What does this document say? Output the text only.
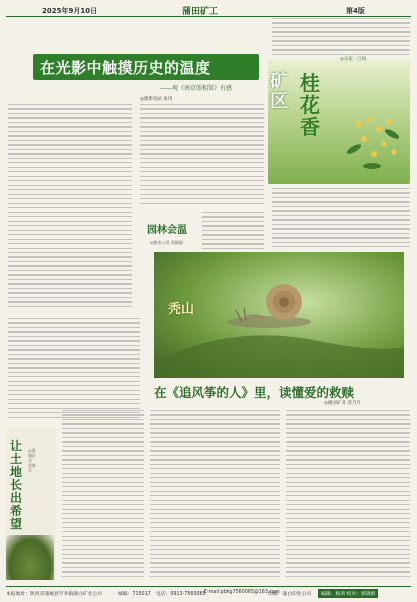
2025年9月10日	蒲田矿工	第4版
在光影中触摸历史的温度
——观《南京照相馆》有感
◎建新电站 朱诗
园林会温
◎热水公司 刘丽丽
矿区
桂花香
◎宋家一江杨
秃山
在《追风筝的人》里，读懂爱的救赎
◎姚河矿业 苏乃升
让土地长出希望
◎蒲城矿业 姜维军
本报地址：陕西省蒲城县罕井镇蒲白矿业公司	邮编：715017 电话：0913-7560065
E-mail:pbkg7560065@163.com
印刷：蒲白印业公司	编辑：杨鸿 校对：郭锦娟
